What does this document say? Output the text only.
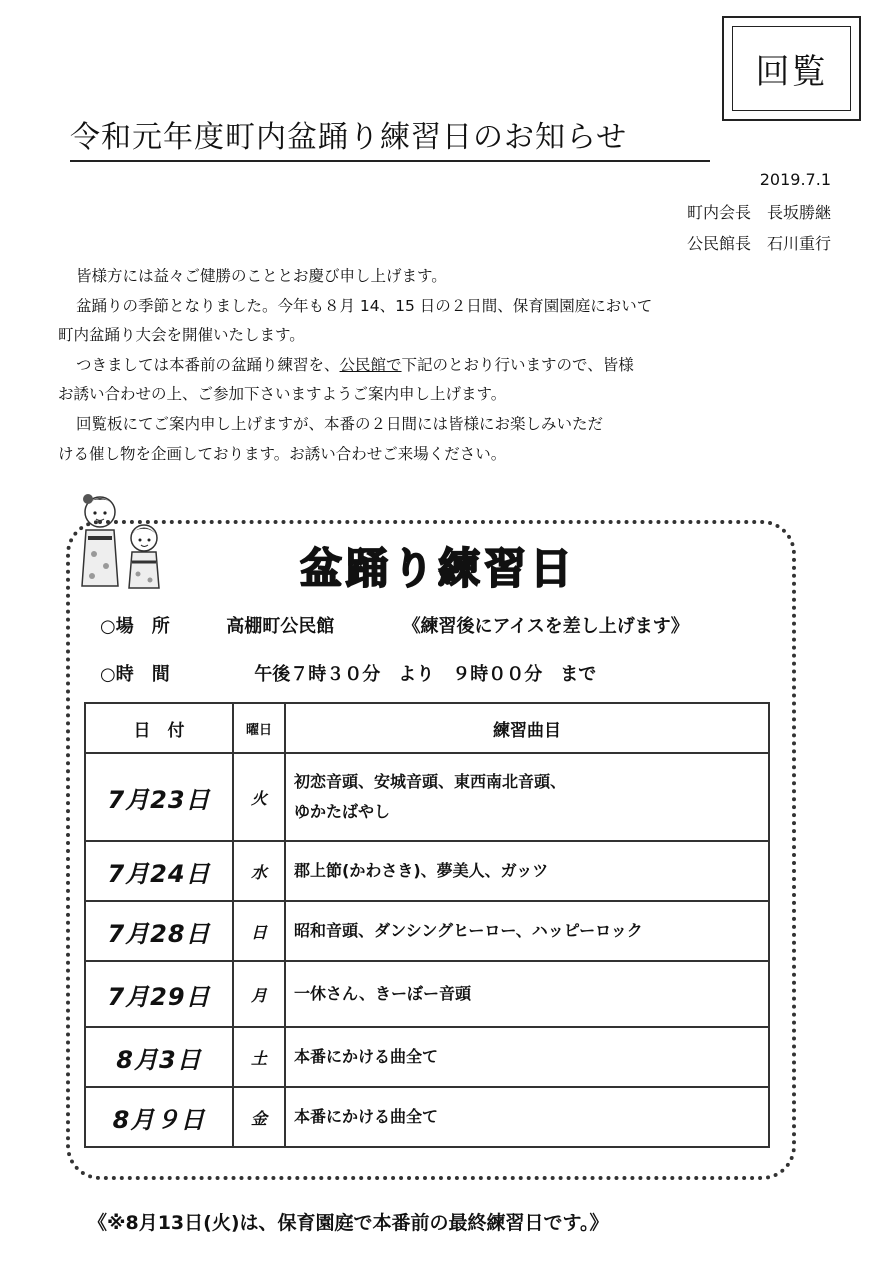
回覧
令和元年度町内盆踊り練習日のお知らせ
2019.7.1
町内会長　長坂勝継
公民館長　石川重行

皆様方には益々ご健勝のこととお慶び申し上げます。

盆踊りの季節となりました。今年も８月 14、15 日の２日間、保育園園庭において

町内盆踊り大会を開催いたします。

つきましては本番前の盆踊り練習を、公民館で下記のとおり行いますので、皆様

お誘い合わせの上、ご参加下さいますようご案内申し上げます。

回覧板にてご案内申し上げますが、本番の２日間には皆様にお楽しみいただ

ける催し物を企画しております。お誘い合わせご来場ください。

盆踊り練習日
○場　所	高棚町公民館	《練習後にアイスを差し上げます》
○時　間	午後７時３０分　より　９時００分　まで
日　付	曜日	練習曲目
7月23日	火	初恋音頭、安城音頭、東西南北音頭、
ゆかたばやし

7月24日	水	郡上節(かわさき)、夢美人、ガッツ
7月28日	日	昭和音頭、ダンシングヒーロー、ハッピーロック
7月29日	月	一休さん、きーぼー音頭
8月3日	土	本番にかける曲全て
8月９日	金	本番にかける曲全て
《※8月13日(火)は、保育園庭で本番前の最終練習日です。》
